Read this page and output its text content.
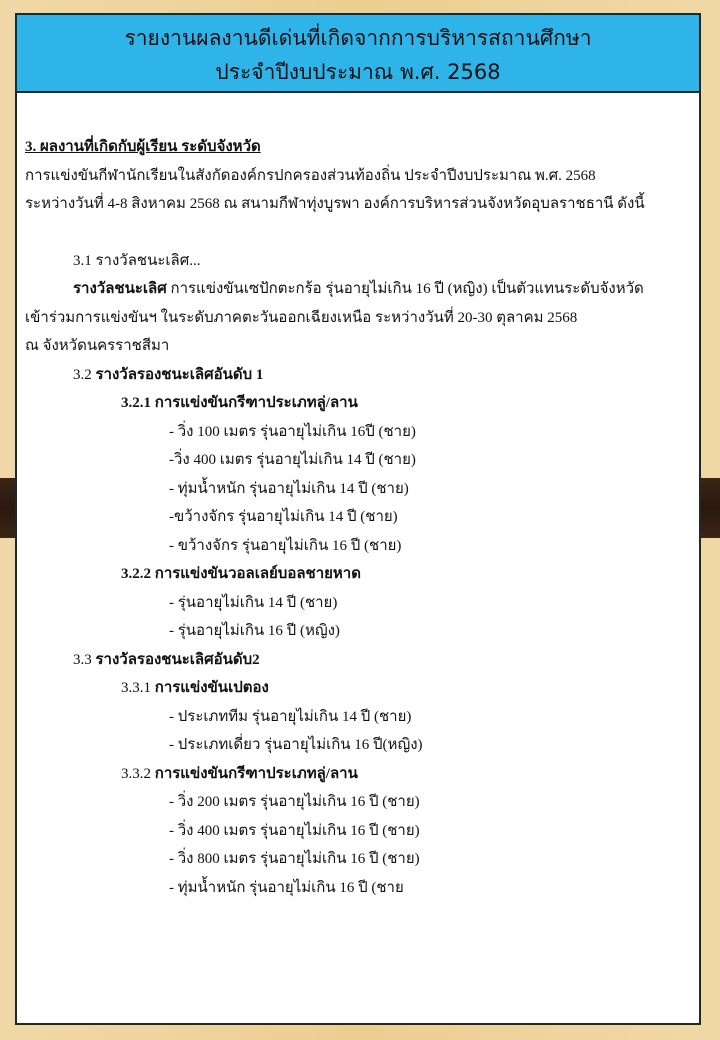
รายงานผลงานดีเด่นที่เกิดจากการบริหารสถานศึกษา
ประจำปีงบประมาณ พ.ศ. 2568
3. ผลงานที่เกิดกับผู้เรียน ระดับจังหวัด
การแข่งขันกีฬานักเรียนในสังกัดองค์กรปกครองส่วนท้องถิ่น ประจำปีงบประมาณ พ.ศ. 2568
ระหว่างวันที่ 4-8 สิงหาคม 2568 ณ สนามกีฬาทุ่งบูรพา องค์การบริหารส่วนจังหวัดอุบลราชธานี ดังนี้
3.1 รางวัลชนะเลิศ...
รางวัลชนะเลิศ การแข่งขันเซปักตะกร้อ รุ่นอายุไม่เกิน 16 ปี (หญิง) เป็นตัวแทนระดับจังหวัด
เข้าร่วมการแข่งขันฯ ในระดับภาคตะวันออกเฉียงเหนือ ระหว่างวันที่ 20-30 ตุลาคม 2568
ณ จังหวัดนครราชสีมา
3.2 รางวัลรองชนะเลิศอันดับ 1
3.2.1 การแข่งขันกรีฑาประเภทลู่/ลาน
- วิ่ง 100 เมตร รุ่นอายุไม่เกิน 16ปี (ชาย)
-วิ่ง 400 เมตร รุ่นอายุไม่เกิน 14 ปี (ชาย)
- ทุ่มน้ำหนัก รุ่นอายุไม่เกิน 14 ปี (ชาย)
-ขว้างจักร รุ่นอายุไม่เกิน 14 ปี (ชาย)
- ขว้างจักร รุ่นอายุไม่เกิน 16 ปี (ชาย)
3.2.2 การแข่งขันวอลเลย์บอลชายหาด
- รุ่นอายุไม่เกิน 14 ปี (ชาย)
- รุ่นอายุไม่เกิน 16 ปี (หญิง)
3.3 รางวัลรองชนะเลิศอันดับ2
3.3.1 การแข่งขันเปตอง
- ประเภททีม รุ่นอายุไม่เกิน 14 ปี (ชาย)
- ประเภทเดี่ยว รุ่นอายุไม่เกิน 16 ปี(หญิง)
3.3.2 การแข่งขันกรีฑาประเภทลู่/ลาน
- วิ่ง 200 เมตร รุ่นอายุไม่เกิน 16 ปี (ชาย)
- วิ่ง 400 เมตร รุ่นอายุไม่เกิน 16 ปี (ชาย)
- วิ่ง 800 เมตร รุ่นอายุไม่เกิน 16 ปี (ชาย)
- ทุ่มน้ำหนัก รุ่นอายุไม่เกิน 16 ปี (ชาย
